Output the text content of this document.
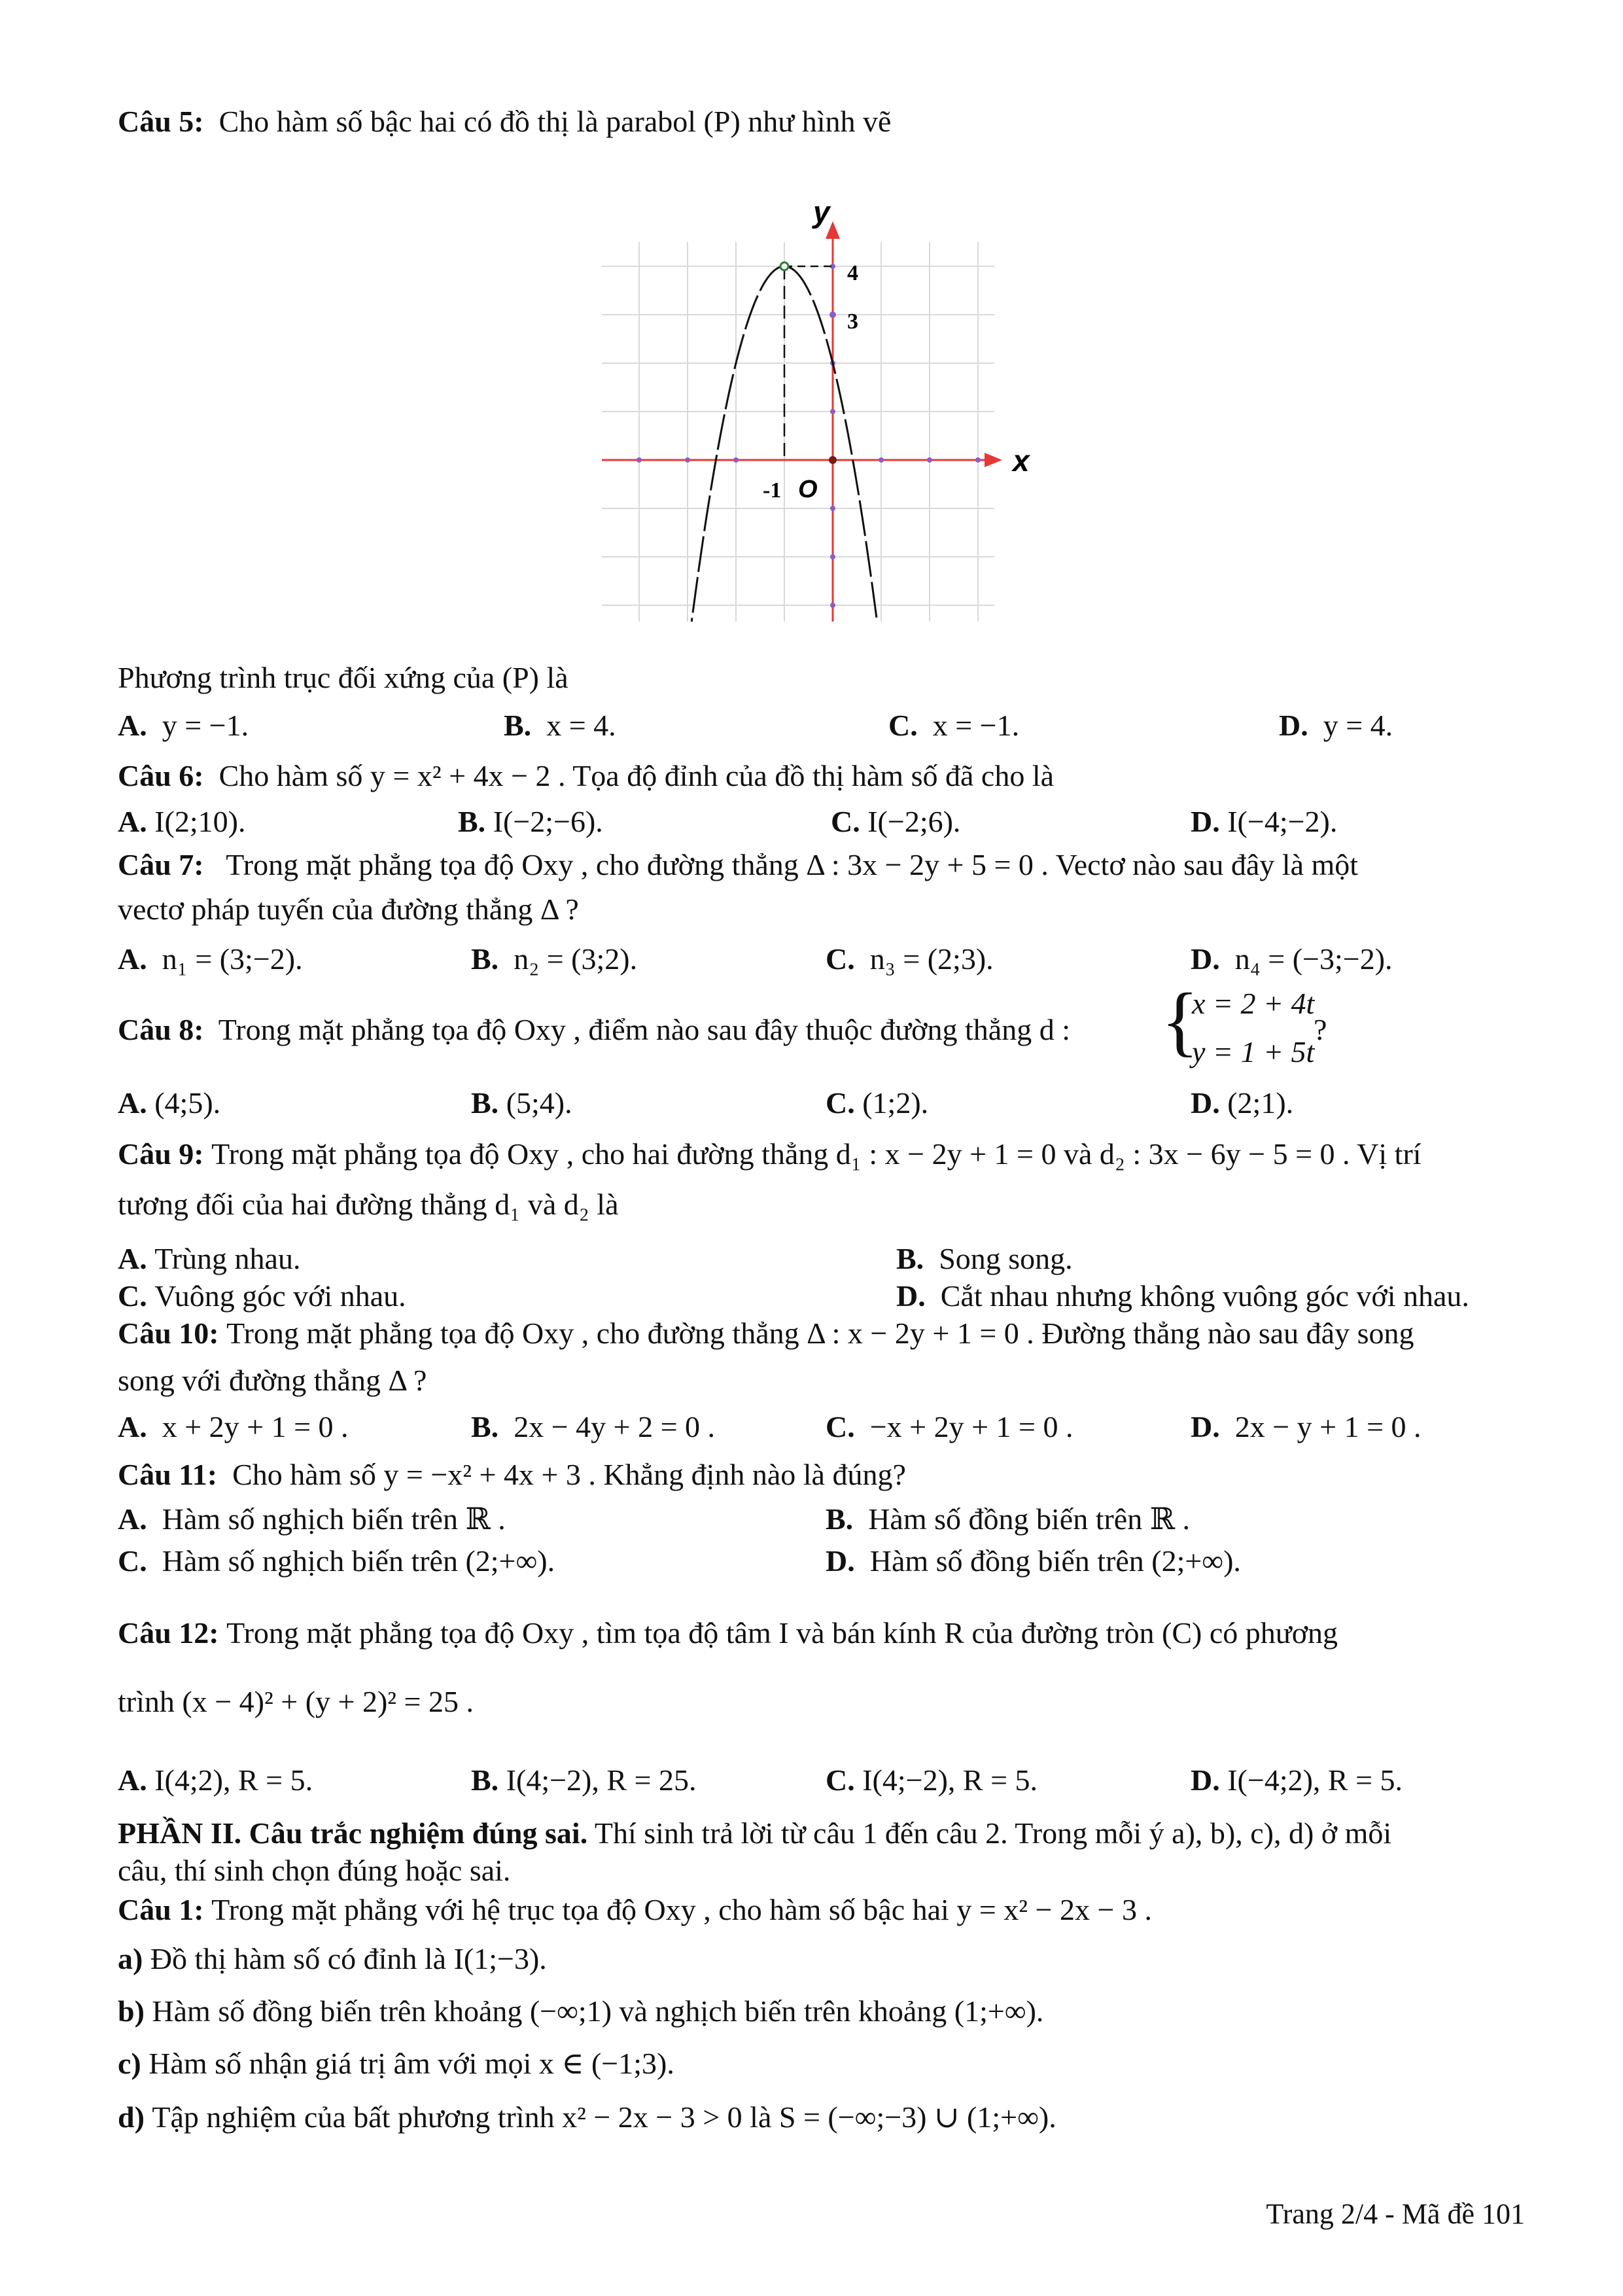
Câu 5: Cho hàm số bậc hai có đồ thị là parabol (P) như hình vẽ
y
x
4
3
-1 O
Phương trình trục đối xứng của (P) là
A. y = −1.	B. x = 4.	C. x = −1.	D. y = 4.
Câu 6: Cho hàm số y = x² + 4x − 2 . Tọa độ đỉnh của đồ thị hàm số đã cho là
A. I(2;10).	B. I(−2;−6).	C. I(−2;6).	D. I(−4;−2).
Câu 7: Trong mặt phẳng tọa độ Oxy , cho đường thẳng Δ : 3x − 2y + 5 = 0 . Vectơ nào sau đây là một
vectơ pháp tuyến của đường thẳng Δ ?
A. n₁ = (3;−2).	B. n₂ = (3;2).	C. n₃ = (2;3).	D. n₄ = (−3;−2).
Câu 8: Trong mặt phẳng tọa độ Oxy , điểm nào sau đây thuộc đường thẳng d : {
x = 2 + 4t
y = 1 + 5t
?
A. (4;5).	B. (5;4).	C. (1;2).	D. (2;1).
Câu 9: Trong mặt phẳng tọa độ Oxy , cho hai đường thẳng d₁ : x − 2y + 1 = 0 và d₂ : 3x − 6y − 5 = 0 . Vị trí
tương đối của hai đường thẳng d₁ và d₂ là
A. Trùng nhau.	B. Song song.
C. Vuông góc với nhau.	D. Cắt nhau nhưng không vuông góc với nhau.
Câu 10: Trong mặt phẳng tọa độ Oxy , cho đường thẳng Δ : x − 2y + 1 = 0 . Đường thẳng nào sau đây song
song với đường thẳng Δ ?
A. x + 2y + 1 = 0 .	B. 2x − 4y + 2 = 0 .	C. −x + 2y + 1 = 0 .	D. 2x − y + 1 = 0 .
Câu 11: Cho hàm số y = −x² + 4x + 3 . Khẳng định nào là đúng?
A. Hàm số nghịch biến trên ℝ .	B. Hàm số đồng biến trên ℝ .
C. Hàm số nghịch biến trên (2;+∞).	D. Hàm số đồng biến trên (2;+∞).
Câu 12: Trong mặt phẳng tọa độ Oxy , tìm tọa độ tâm I và bán kính R của đường tròn (C) có phương
trình (x − 4)² + (y + 2)² = 25 .
A. I(4;2), R = 5.	B. I(4;−2), R = 25.	C. I(4;−2), R = 5.	D. I(−4;2), R = 5.
PHẦN II. Câu trắc nghiệm đúng sai. Thí sinh trả lời từ câu 1 đến câu 2. Trong mỗi ý a), b), c), d) ở mỗi
câu, thí sinh chọn đúng hoặc sai.
Câu 1: Trong mặt phẳng với hệ trục tọa độ Oxy , cho hàm số bậc hai y = x² − 2x − 3 .
a) Đồ thị hàm số có đỉnh là I(1;−3).
b) Hàm số đồng biến trên khoảng (−∞;1) và nghịch biến trên khoảng (1;+∞).
c) Hàm số nhận giá trị âm với mọi x ∈ (−1;3).
d) Tập nghiệm của bất phương trình x² − 2x − 3 > 0 là S = (−∞;−3) ∪ (1;+∞).
Trang 2/4 - Mã đề 101
